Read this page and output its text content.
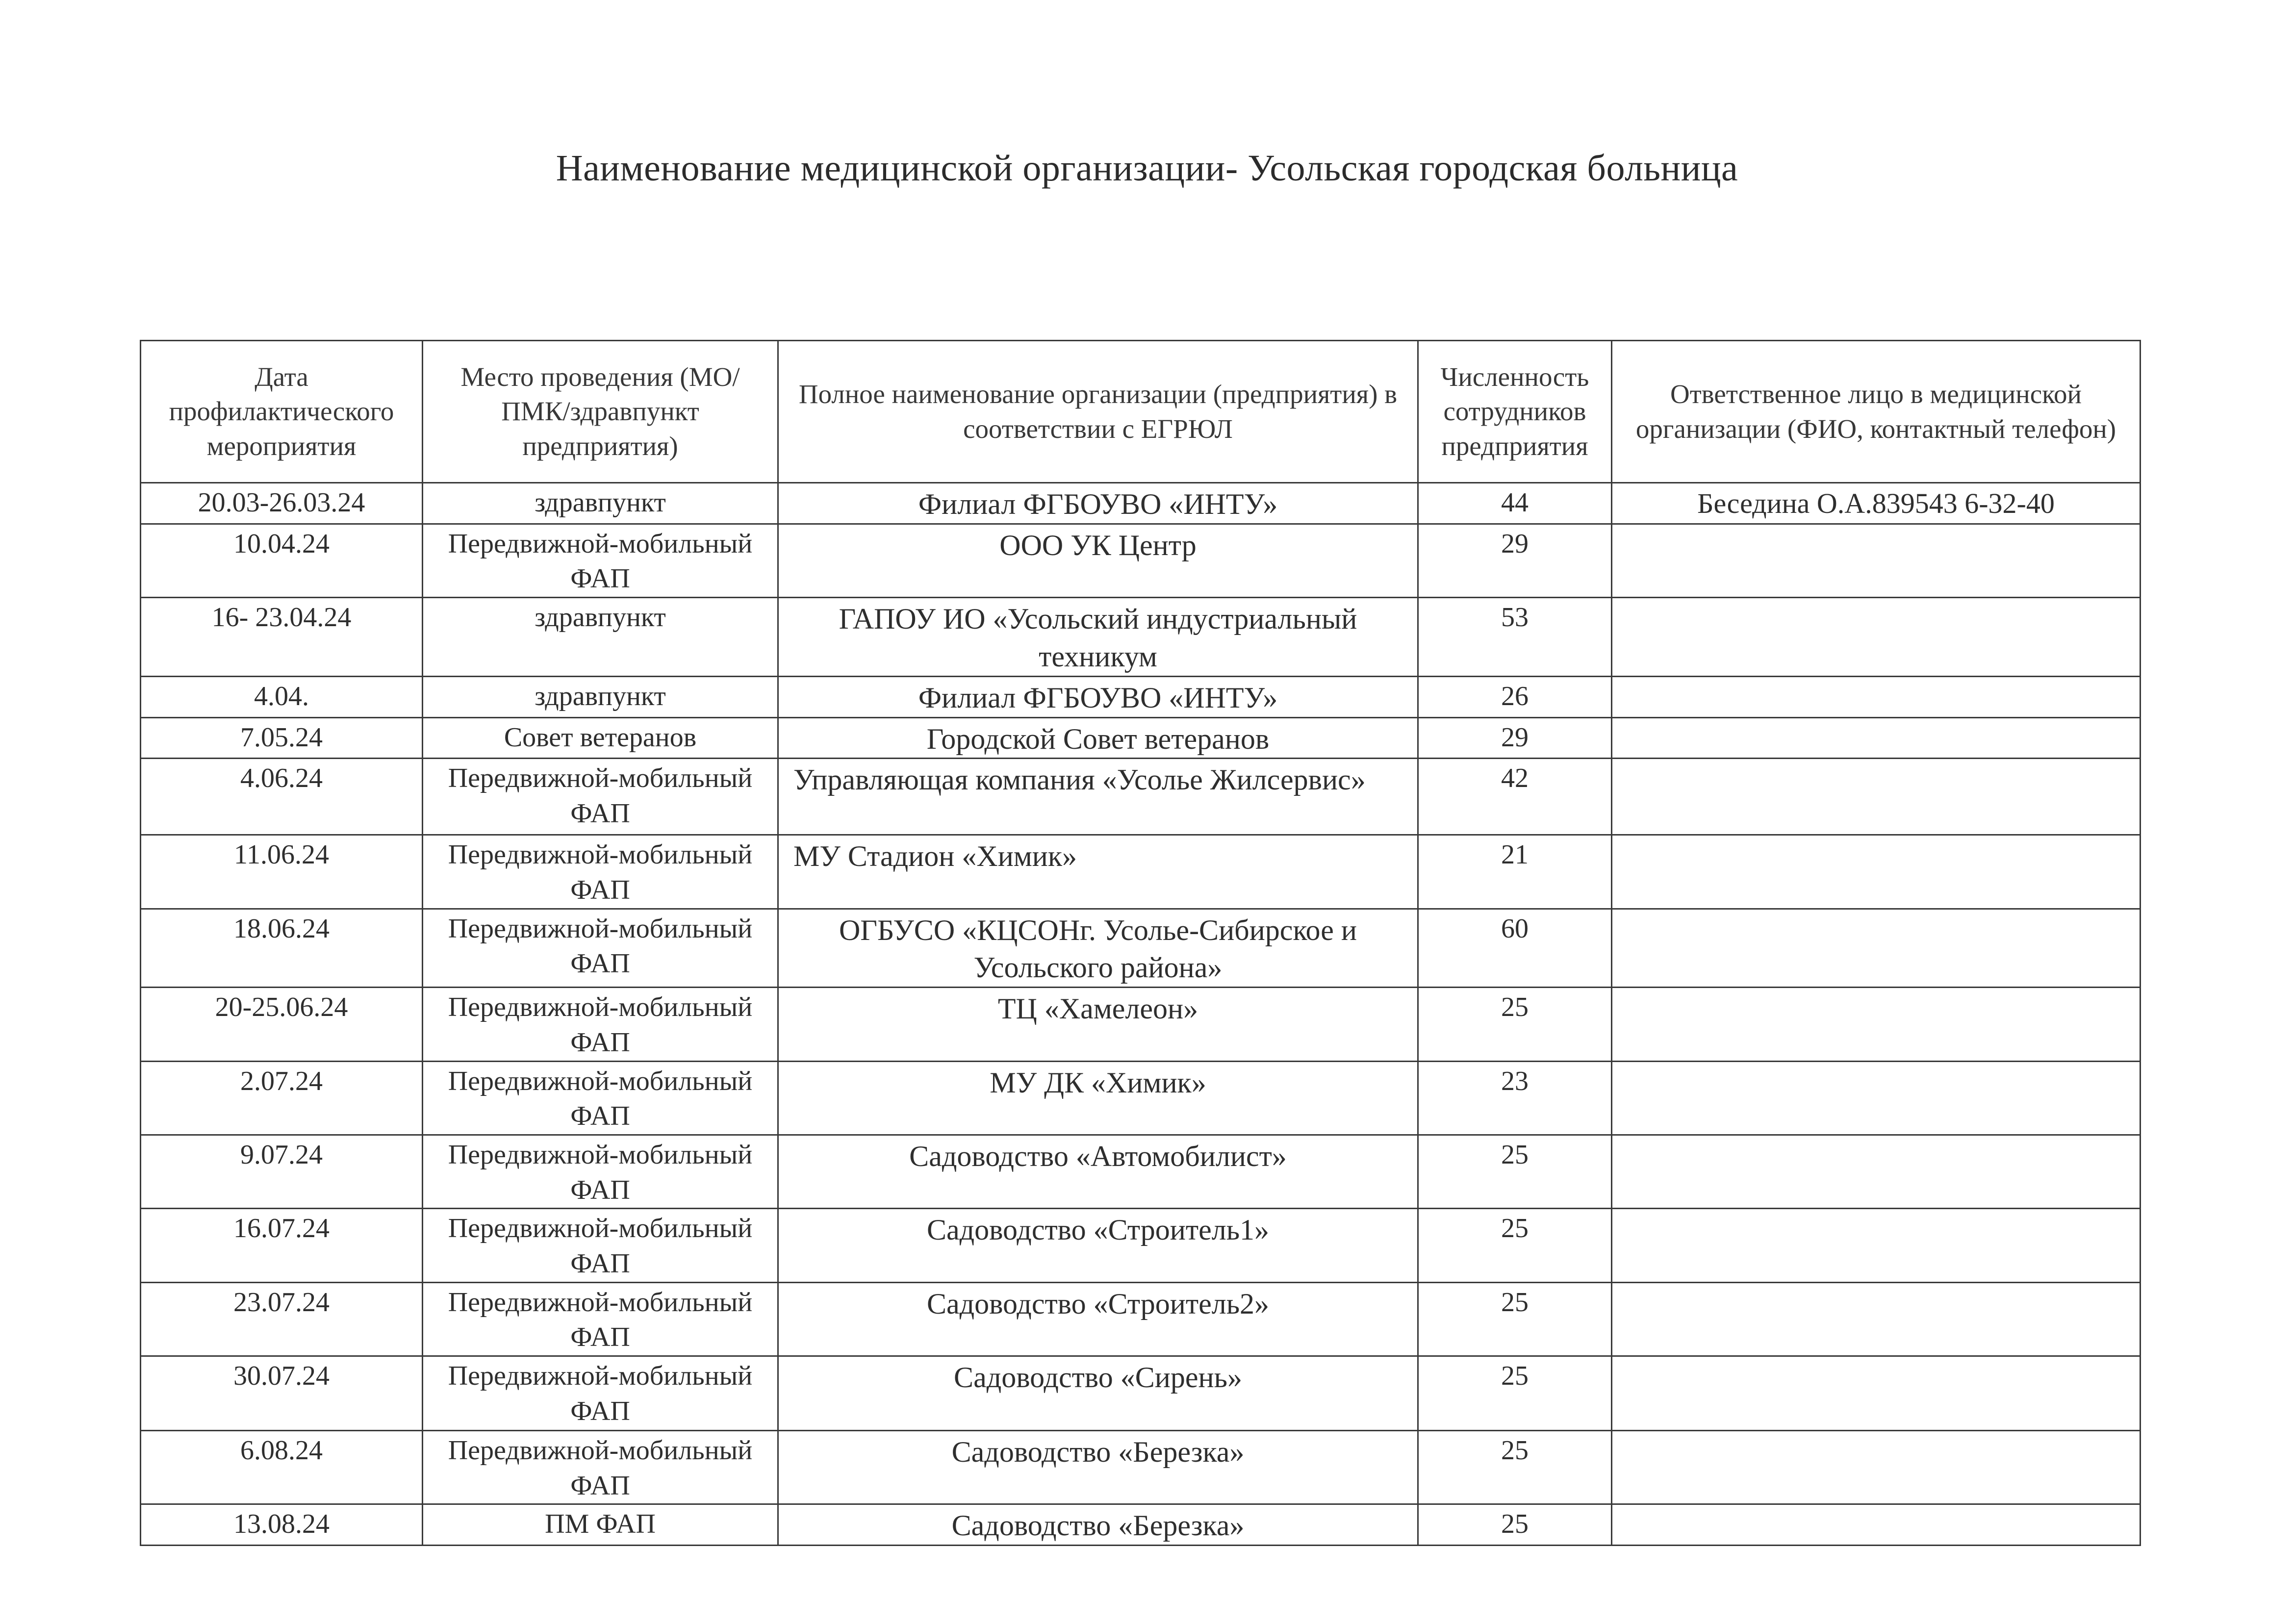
Наименование медицинской организации- Усольская городская больница
Дата профилактического мероприятия	Место проведения (МО/ПМК/здравпункт предприятия)	Полное наименование организации (предприятия) в соответствии с ЕГРЮЛ	Численность сотрудников предприятия	Ответственное лицо в медицинской организации (ФИО, контактный телефон)
20.03-26.03.24	здравпункт	Филиал ФГБОУВО «ИНТУ»	44	Беседина О.А.839543 6-32-40
10.04.24	Передвижной-мобильный ФАП	ООО УК Центр	29	
16- 23.04.24	здравпункт	ГАПОУ ИО «Усольский индустриальный техникум	53	
4.04.	здравпункт	Филиал ФГБОУВО «ИНТУ»	26	
7.05.24	Совет ветеранов	Городской Совет ветеранов	29	
4.06.24	Передвижной-мобильный ФАП	Управляющая компания «Усолье Жилсервис»	42	
11.06.24	Передвижной-мобильный ФАП	МУ Стадион «Химик»	21	
18.06.24	Передвижной-мобильный ФАП	ОГБУСО «КЦСОНг. Усолье-Сибирское и Усольского района»	60	
20-25.06.24	Передвижной-мобильный ФАП	ТЦ «Хамелеон»	25	
2.07.24	Передвижной-мобильный ФАП	МУ ДК «Химик»	23	
9.07.24	Передвижной-мобильный ФАП	Садоводство «Автомобилист»	25	
16.07.24	Передвижной-мобильный ФАП	Садоводство «Строитель1»	25	
23.07.24	Передвижной-мобильный ФАП	Садоводство «Строитель2»	25	
30.07.24	Передвижной-мобильный ФАП	Садоводство «Сирень»	25	
6.08.24	Передвижной-мобильный ФАП	Садоводство «Березка»	25	
13.08.24	ПМ ФАП	Садоводство «Березка»	25	
